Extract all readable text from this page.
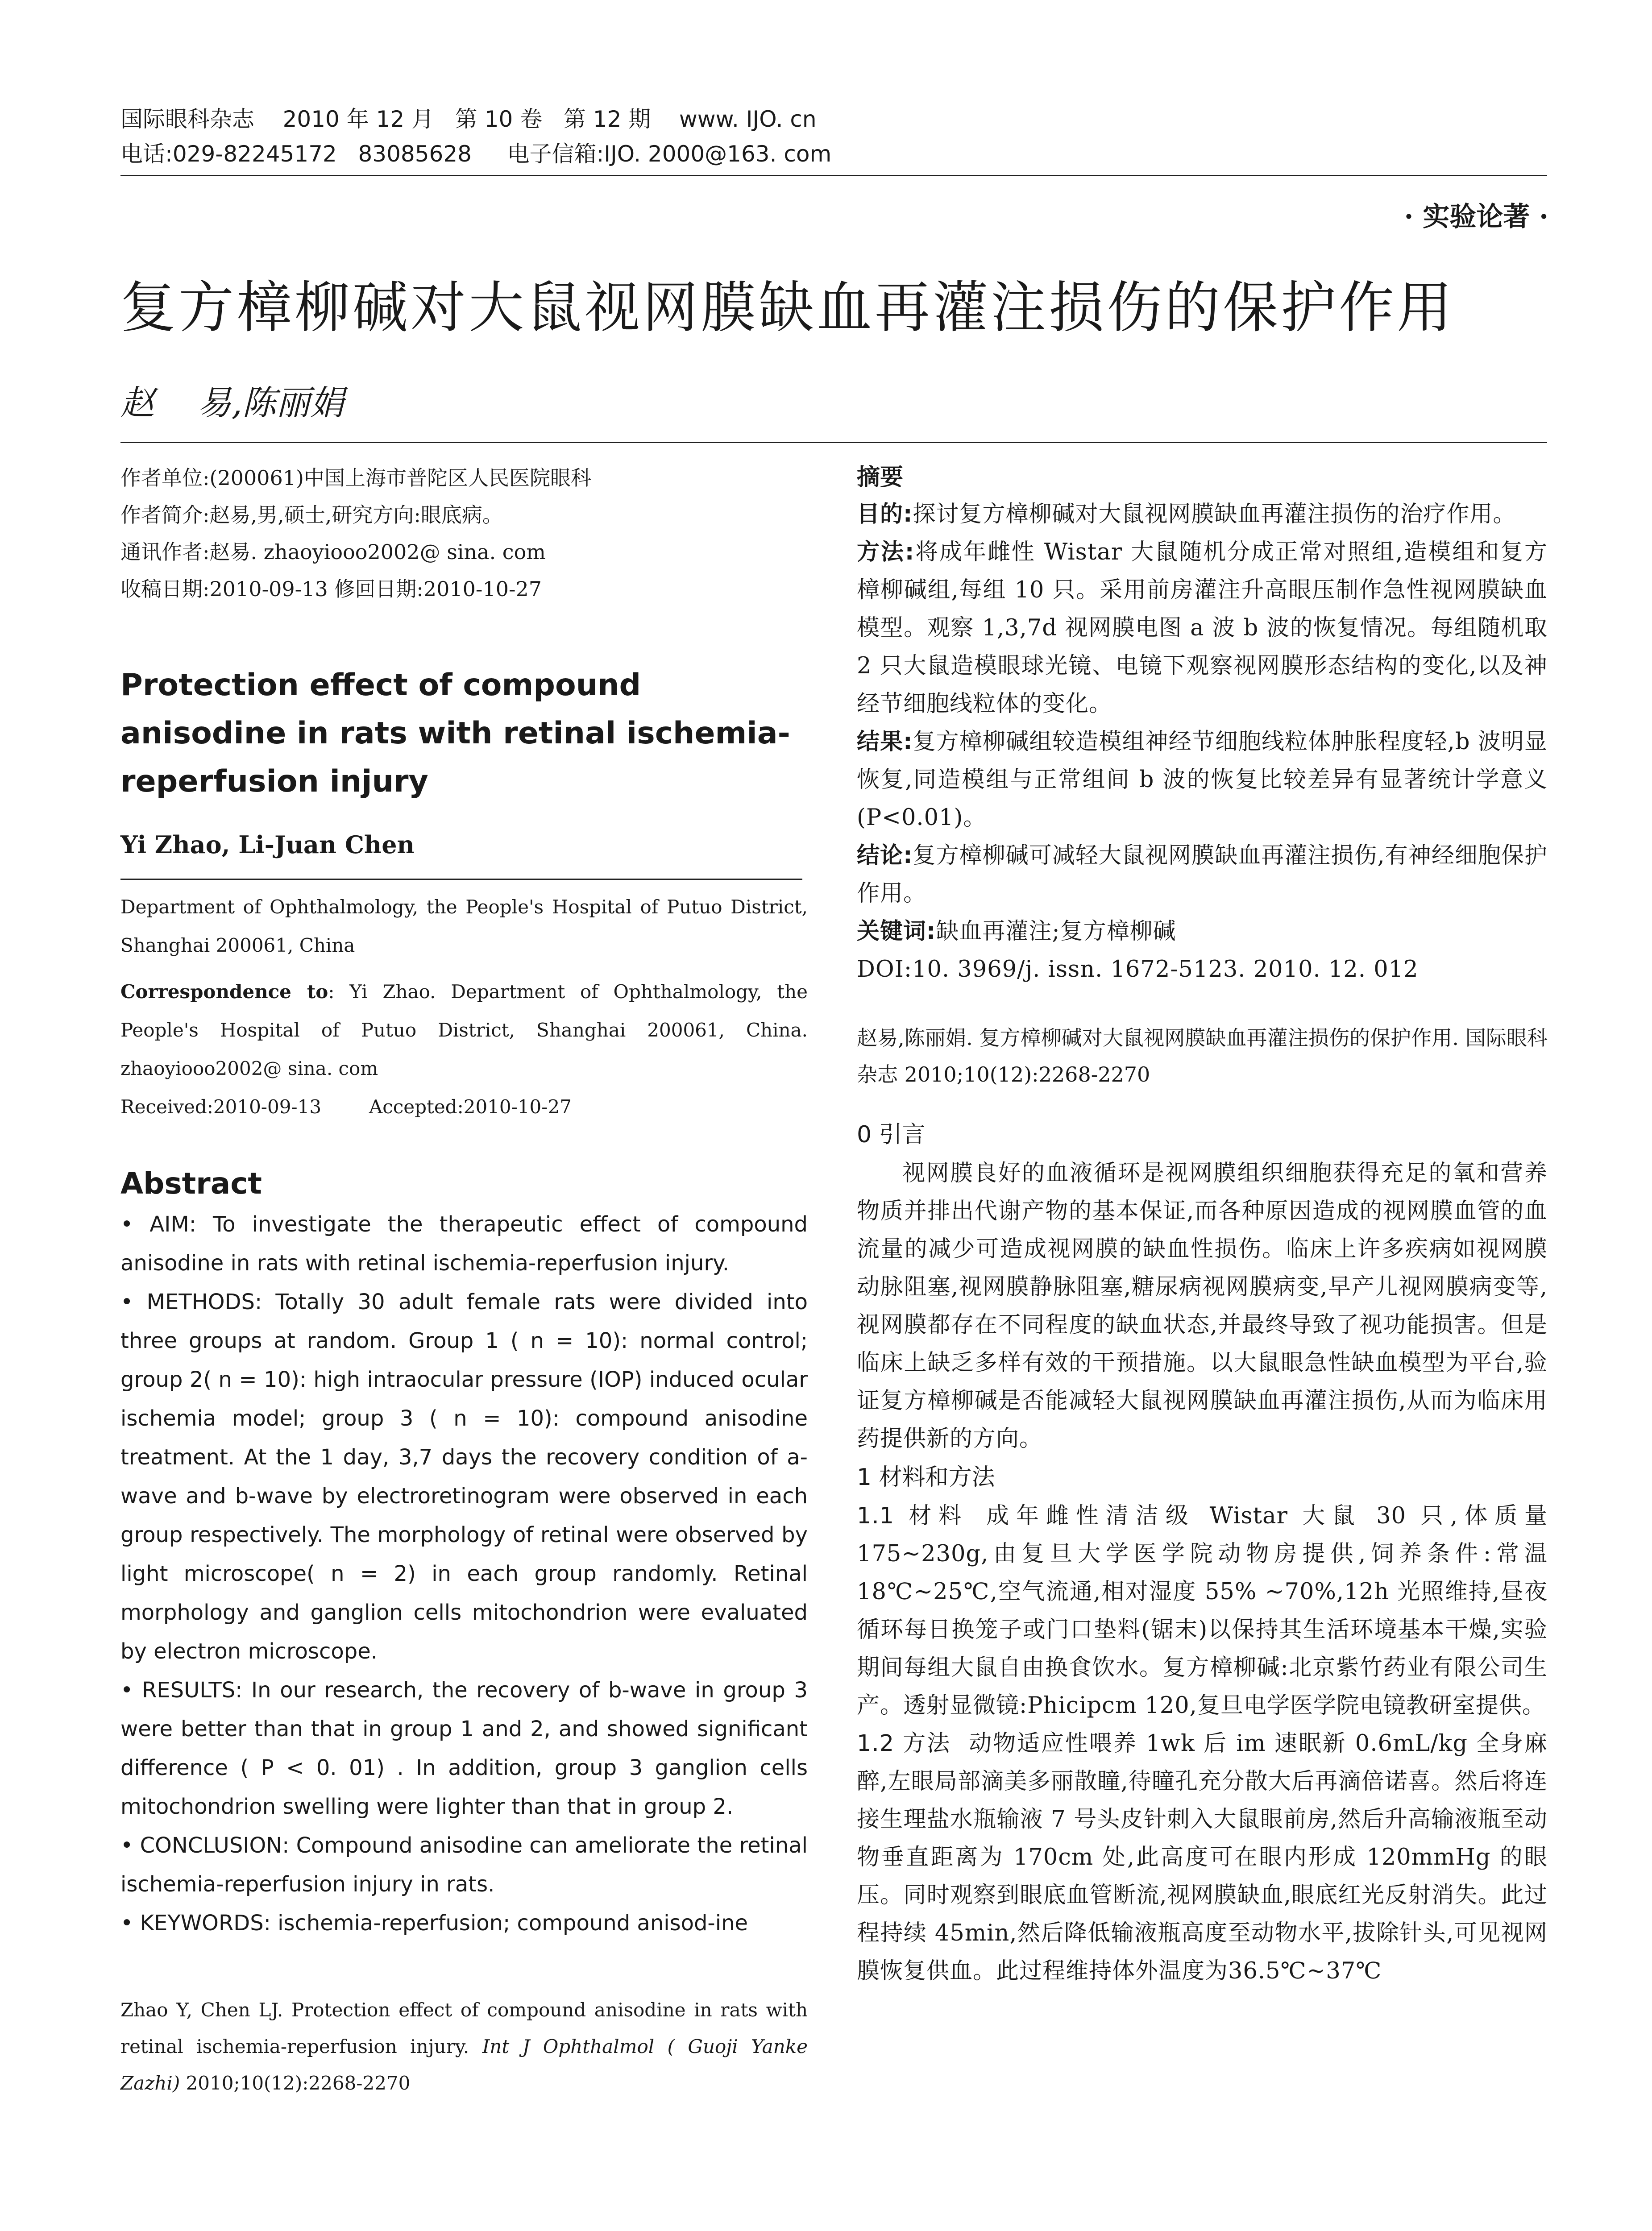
国际眼科杂志    2010 年 12 月   第 10 卷   第 12 期    www. IJO. cn
电话:029-82245172   83085628     电子信箱:IJO. 2000@163. com
· 实验论著 ·
复方樟柳碱对大鼠视网膜缺血再灌注损伤的保护作用
赵    易,陈丽娟
作者单位:(200061)中国上海市普陀区人民医院眼科
作者简介:赵易,男,硕士,研究方向:眼底病。
通讯作者:赵易. zhaoyiooo2002@ sina. com
收稿日期:2010-09-13 修回日期:2010-10-27
Protection effect of compound anisodine in rats with retinal ischemia-reperfusion injury
Yi Zhao, Li-Juan Chen

Department of Ophthalmology, the People's Hospital of Putuo District, Shanghai 200061, China

Correspondence to: Yi Zhao. Department of Ophthalmology, the People's Hospital of Putuo District, Shanghai 200061, China. zhaoyiooo2002@ sina. com

Received:2010-09-13        Accepted:2010-10-27

Abstract

• AIM: To investigate the therapeutic effect of compound anisodine in rats with retinal ischemia-reperfusion injury.

• METHODS: Totally 30 adult female rats were divided into three groups at random. Group 1 ( n = 10): normal control; group 2( n = 10): high intraocular pressure (IOP) induced ocular ischemia model; group 3 ( n = 10): compound anisodine treatment. At the 1 day, 3,7 days the recovery condition of a-wave and b-wave by electroretinogram were observed in each group respectively. The morphology of retinal were observed by light microscope( n = 2) in each group randomly. Retinal morphology and ganglion cells mitochondrion were evaluated by electron microscope.

• RESULTS: In our research, the recovery of b-wave in group 3 were better than that in group 1 and 2, and showed significant difference ( P < 0. 01) . In addition, group 3 ganglion cells mitochondrion swelling were lighter than that in group 2.

• CONCLUSION: Compound anisodine can ameliorate the retinal ischemia-reperfusion injury in rats.

• KEYWORDS: ischemia-reperfusion; compound anisod-ine

Zhao Y, Chen LJ. Protection effect of compound anisodine in rats with retinal ischemia-reperfusion injury. Int J Ophthalmol ( Guoji Yanke Zazhi) 2010;10(12):2268-2270

摘要

目的:探讨复方樟柳碱对大鼠视网膜缺血再灌注损伤的治疗作用。

方法:将成年雌性 Wistar 大鼠随机分成正常对照组,造模组和复方樟柳碱组,每组 10 只。采用前房灌注升高眼压制作急性视网膜缺血模型。观察 1,3,7d 视网膜电图 a 波 b 波的恢复情况。每组随机取 2 只大鼠造模眼球光镜、电镜下观察视网膜形态结构的变化,以及神经节细胞线粒体的变化。

结果:复方樟柳碱组较造模组神经节细胞线粒体肿胀程度轻,b 波明显恢复,同造模组与正常组间 b 波的恢复比较差异有显著统计学意义(P<0.01)。

结论:复方樟柳碱可减轻大鼠视网膜缺血再灌注损伤,有神经细胞保护作用。

关键词:缺血再灌注;复方樟柳碱

DOI:10. 3969/j. issn. 1672-5123. 2010. 12. 012

赵易,陈丽娟. 复方樟柳碱对大鼠视网膜缺血再灌注损伤的保护作用. 国际眼科杂志 2010;10(12):2268-2270

0 引言

视网膜良好的血液循环是视网膜组织细胞获得充足的氧和营养物质并排出代谢产物的基本保证,而各种原因造成的视网膜血管的血流量的减少可造成视网膜的缺血性损伤。临床上许多疾病如视网膜动脉阻塞,视网膜静脉阻塞,糖尿病视网膜病变,早产儿视网膜病变等,视网膜都存在不同程度的缺血状态,并最终导致了视功能损害。但是临床上缺乏多样有效的干预措施。以大鼠眼急性缺血模型为平台,验证复方樟柳碱是否能减轻大鼠视网膜缺血再灌注损伤,从而为临床用药提供新的方向。

1 材料和方法

1.1 材料 成年雌性清洁级 Wistar 大鼠 30 只,体质量 175~230g,由复旦大学医学院动物房提供,饲养条件:常温 18℃~25℃,空气流通,相对湿度 55% ~70%,12h 光照维持,昼夜循环每日换笼子或门口垫料(锯末)以保持其生活环境基本干燥,实验期间每组大鼠自由换食饮水。复方樟柳碱:北京紫竹药业有限公司生产。透射显微镜:Phicipcm 120,复旦电学医学院电镜教研室提供。

1.2 方法 动物适应性喂养 1wk 后 im 速眠新 0.6mL/kg 全身麻醉,左眼局部滴美多丽散瞳,待瞳孔充分散大后再滴倍诺喜。然后将连接生理盐水瓶输液 7 号头皮针刺入大鼠眼前房,然后升高输液瓶至动物垂直距离为 170cm 处,此高度可在眼内形成 120mmHg 的眼压。同时观察到眼底血管断流,视网膜缺血,眼底红光反射消失。此过程持续 45min,然后降低输液瓶高度至动物水平,拔除针头,可见视网膜恢复供血。此过程维持体外温度为36.5℃~37℃
